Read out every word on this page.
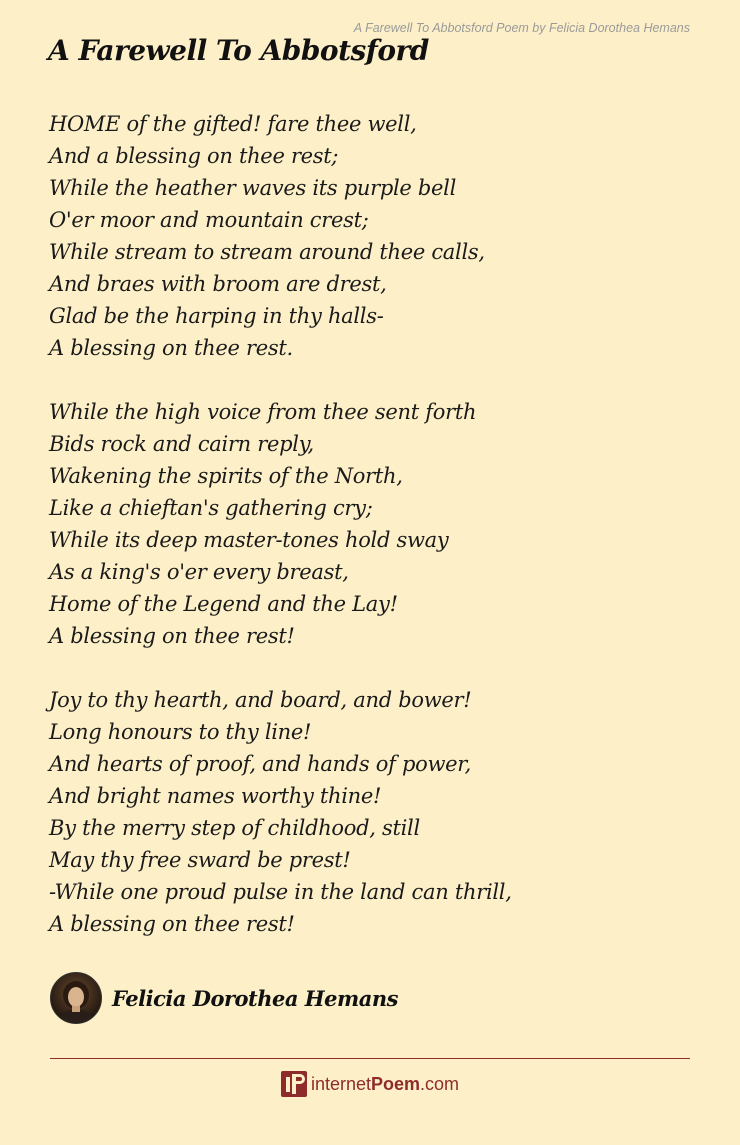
A Farewell To Abbotsford Poem by Felicia Dorothea Hemans
A Farewell To Abbotsford
HOME of the gifted! fare thee well,
And a blessing on thee rest;
While the heather waves its purple bell
O'er moor and mountain crest;
While stream to stream around thee calls,
And braes with broom are drest,
Glad be the harping in thy halls-
A blessing on thee rest.
While the high voice from thee sent forth
Bids rock and cairn reply,
Wakening the spirits of the North,
Like a chieftan's gathering cry;
While its deep master-tones hold sway
As a king's o'er every breast,
Home of the Legend and the Lay!
A blessing on thee rest!
Joy to thy hearth, and board, and bower!
Long honours to thy line!
And hearts of proof, and hands of power,
And bright names worthy thine!
By the merry step of childhood, still
May thy free sward be prest!
-While one proud pulse in the land can thrill,
A blessing on thee rest!
Felicia Dorothea Hemans
internetPoem.com
